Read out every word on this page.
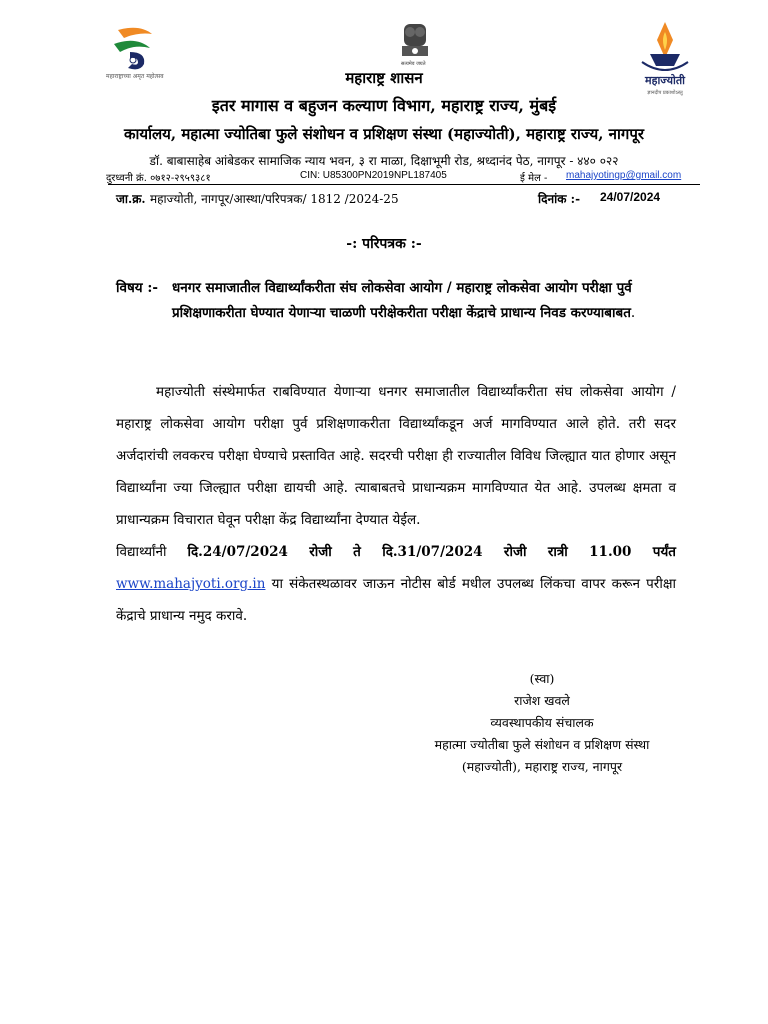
महाराष्ट्राच्या अमृत महोत्सव
सत्यमेव जयते
महाज्योती
ज्ञानदीप प्रकाशोऽस्तु
महाराष्ट्र शासन
इतर मागास व बहुजन कल्याण विभाग, महाराष्ट्र राज्य, मुंबई
कार्यालय, महात्मा ज्योतिबा फुले संशोधन व प्रशिक्षण संस्था (महाज्योती), महाराष्ट्र राज्य, नागपूर
डॉ. बाबासाहेब आंबेडकर सामाजिक न्याय भवन, ३ रा माळा, दिक्षाभूमी रोड, श्रध्दानंद पेठ, नागपूर - ४४० ०२२
दुरध्वनी क्रं. ०७१२-२९५९३८१	CIN: U85300PN2019NPL187405	ई मेल - mahajyotingp@gmail.com
जा.क्र. महाज्योती, नागपूर/आस्था/परिपत्रक/ 1812 /2024-25	दिनांक :- 24/07/2024
-: परिपत्रक :-
विषय :- धनगर समाजातील विद्यार्थ्यांकरीता संघ लोकसेवा आयोग / महाराष्ट्र लोकसेवा आयोग परीक्षा पुर्व प्रशिक्षणाकरीता घेण्यात येणाऱ्या चाळणी परीक्षेकरीता परीक्षा केंद्राचे प्राधान्य निवड करण्याबाबत.
महाज्योती संस्थेमार्फत राबविण्यात येणाऱ्या धनगर समाजातील विद्यार्थ्यांकरीता संघ लोकसेवा आयोग / महाराष्ट्र लोकसेवा आयोग परीक्षा पुर्व प्रशिक्षणाकरीता विद्यार्थ्यांकडून अर्ज मागविण्यात आले होते. तरी सदर अर्जदारांची लवकरच परीक्षा घेण्याचे प्रस्तावित आहे. सदरची परीक्षा ही राज्यातील विविध जिल्ह्यात यात होणार असून विद्यार्थ्यांना ज्या जिल्ह्यात परीक्षा द्यायची आहे. त्याबाबतचे प्राधान्यक्रम मागविण्यात येत आहे. उपलब्ध क्षमता व प्राधान्यक्रम विचारात घेवून परीक्षा केंद्र विद्यार्थ्यांना देण्यात येईल.
विद्यार्थ्यांनी दि.24/07/2024 रोजी ते दि.31/07/2024 रोजी रात्री 11.00 पर्यंत www.mahajyoti.org.in या संकेतस्थळावर जाऊन नोटीस बोर्ड मधील उपलब्ध लिंकचा वापर करून परीक्षा केंद्राचे प्राधान्य नमुद करावे.
(स्वा)
राजेश खवले
व्यवस्थापकीय संचालक
महात्मा ज्योतीबा फुले संशोधन व प्रशिक्षण संस्था
(महाज्योती), महाराष्ट्र राज्य, नागपूर
